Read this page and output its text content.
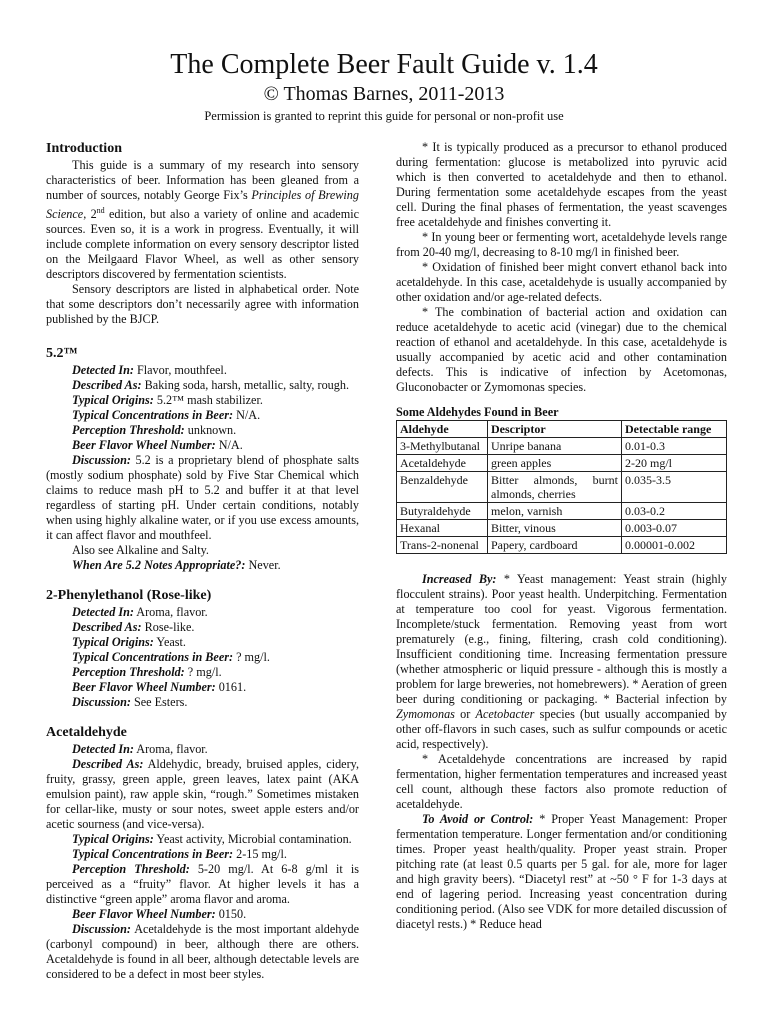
The Complete Beer Fault Guide v. 1.4
© Thomas Barnes, 2011-2013
Permission is granted to reprint this guide for personal or non-profit use
Introduction

This guide is a summary of my research into sensory characteristics of beer. Information has been gleaned from a number of sources, notably George Fix’s Principles of Brewing Science, 2nd edition, but also a variety of online and academic sources. Even so, it is a work in progress. Eventually, it will include complete information on every sensory descriptor listed on the Meilgaard Flavor Wheel, as well as other sensory descriptors discovered by fermentation scientists.

Sensory descriptors are listed in alphabetical order. Note that some descriptors don’t necessarily agree with information published by the BJCP.

5.2™

Detected In: Flavor, mouthfeel.

Described As: Baking soda, harsh, metallic, salty, rough.

Typical Origins: 5.2™ mash stabilizer.

Typical Concentrations in Beer: N/A.

Perception Threshold: unknown.

Beer Flavor Wheel Number: N/A.

Discussion: 5.2 is a proprietary blend of phosphate salts (mostly sodium phosphate) sold by Five Star Chemical which claims to reduce mash pH to 5.2 and buffer it at that level regardless of starting pH. Under certain conditions, notably when using highly alkaline water, or if you use excess amounts, it can affect flavor and mouthfeel.

Also see Alkaline and Salty.

When Are 5.2 Notes Appropriate?: Never.

2-Phenylethanol (Rose-like)

Detected In: Aroma, flavor.

Described As: Rose-like.

Typical Origins: Yeast.

Typical Concentrations in Beer: ? mg/l.

Perception Threshold: ? mg/l.

Beer Flavor Wheel Number: 0161.

Discussion: See Esters.

Acetaldehyde

Detected In: Aroma, flavor.

Described As: Aldehydic, bready, bruised apples, cidery, fruity, grassy, green apple, green leaves, latex paint (AKA emulsion paint), raw apple skin, “rough.” Sometimes mistaken for cellar-like, musty or sour notes, sweet apple esters and/or acetic sourness (and vice-versa).

Typical Origins: Yeast activity, Microbial contamination.

Typical Concentrations in Beer: 2-15 mg/l.

Perception Threshold: 5-20 mg/l. At 6-8 g/ml it is perceived as a “fruity” flavor. At higher levels it has a distinctive “green apple” aroma flavor and aroma.

Beer Flavor Wheel Number: 0150.

Discussion: Acetaldehyde is the most important aldehyde (carbonyl compound) in beer, although there are others. Acetaldehyde is found in all beer, although detectable levels are considered to be a defect in most beer styles.

* It is typically produced as a precursor to ethanol produced during fermentation: glucose is metabolized into pyruvic acid which is then converted to acetaldehyde and then to ethanol. During fermentation some acetaldehyde escapes from the yeast cell. During the final phases of fermentation, the yeast scavenges free acetaldehyde and finishes converting it.

* In young beer or fermenting wort, acetaldehyde levels range from 20-40 mg/l, decreasing to 8-10 mg/l in finished beer.

* Oxidation of finished beer might convert ethanol back into acetaldehyde. In this case, acetaldehyde is usually accompanied by other oxidation and/or age-related defects.

* The combination of bacterial action and oxidation can reduce acetaldehyde to acetic acid (vinegar) due to the chemical reaction of ethanol and acetaldehyde. In this case, acetaldehyde is usually accompanied by acetic acid and other contamination defects. This is indicative of infection by Acetomonas, Gluconobacter or Zymomonas species.

Some Aldehydes Found in Beer
Aldehyde	Descriptor	Detectable range
3-Methylbutanal	Unripe banana	0.01-0.3
Acetaldehyde	green apples	2-20 mg/l
Benzaldehyde	Bitter almonds, burnt almonds, cherries	0.035-3.5
Butyraldehyde	melon, varnish	0.03-0.2
Hexanal	Bitter, vinous	0.003-0.07
Trans-2-nonenal	Papery, cardboard	0.00001-0.002

Increased By: * Yeast management: Yeast strain (highly flocculent strains). Poor yeast health. Underpitching. Fermentation at temperature too cool for yeast. Vigorous fermentation. Incomplete/stuck fermentation. Removing yeast from wort prematurely (e.g., fining, filtering, crash cold conditioning). Insufficient conditioning time. Increasing fermentation pressure (whether atmospheric or liquid pressure - although this is mostly a problem for large breweries, not homebrewers). * Aeration of green beer during conditioning or packaging. * Bacterial infection by Zymomonas or Acetobacter species (but usually accompanied by other off-flavors in such cases, such as sulfur compounds or acetic acid, respectively).

* Acetaldehyde concentrations are increased by rapid fermentation, higher fermentation temperatures and increased yeast cell count, although these factors also promote reduction of acetaldehyde.

To Avoid or Control: * Proper Yeast Management: Proper fermentation temperature. Longer fermentation and/or conditioning times. Proper yeast health/quality. Proper yeast strain. Proper pitching rate (at least 0.5 quarts per 5 gal. for ale, more for lager and high gravity beers). “Diacetyl rest” at ~50 ° F for 1-3 days at end of lagering period. Increasing yeast concentration during conditioning period. (Also see VDK for more detailed discussion of diacetyl rests.) * Reduce head
